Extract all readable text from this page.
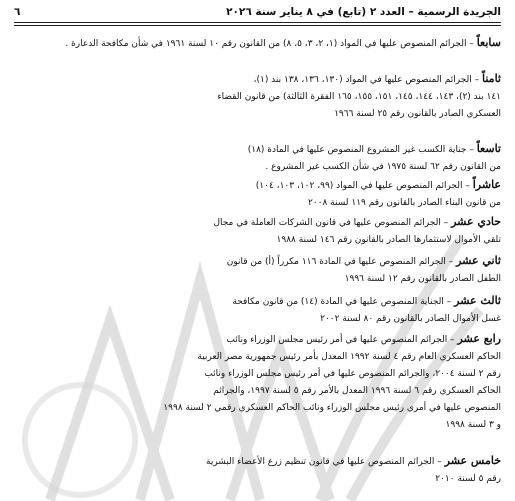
الجريدة الرسمية – العدد ٢ (تابع) في ٨ يناير سنة ٢٠٢٦
٦
سابعاً – الجرائم المنصوص عليها في المواد (١، ٢، ٣، ٥، ٨) من القانون رقم ١٠ لسنة ١٩٦١ في شأن مكافحة الدعارة .
ثامناً – الجرائم المنصوص عليها في المواد (١٣٠، ١٣٦، ١٣٨ بند (١)،
١٤١ بند (٢)، ١٤٣، ١٤٤، ١٤٥، ١٥١، ١٥٥، ١٦٥ الفقرة الثالثة) من قانون القضاء
العسكري الصادر بالقانون رقم ٢٥ لسنة ١٩٦٦
تاسعاً – جناية الكسب غير المشروع المنصوص عليها في المادة (١٨)
من القانون رقم ٦٢ لسنة ١٩٧٥ في شأن الكسب غير المشروع .
عاشراً – الجرائم المنصوص عليها في المواد (٩٩، ١٠٢، ١٠٣، ١٠٤)
من قانون البناء الصادر بالقانون رقم ١١٩ لسنة ٢٠٠٨
حادي عشر – الجرائم المنصوص عليها في قانون الشركات العاملة في مجال
تلقي الأموال لاستثمارها الصادر بالقانون رقم ١٤٦ لسنة ١٩٨٨
ثاني عشر – الجرائم المنصوص عليها في المادة ١١٦ مكرراً (أ) من قانون
الطفل الصادر بالقانون رقم ١٢ لسنة ١٩٩٦
ثالث عشر – الجناية المنصوص عليها في المادة (١٤) من قانون مكافحة
غسل الأموال الصادر بالقانون رقم ٨٠ لسنة ٢٠٠٢
رابع عشر – الجرائم المنصوص عليها في أمر رئيس مجلس الوزراء ونائب
الحاكم العسكري العام رقم ٤ لسنة ١٩٩٢ المعدل بأمر رئيس جمهورية مصر العربية
رقم ٢ لسنة ٢٠٠٤، والجرائم المنصوص عليها في أمر رئيس مجلس الوزراء ونائب
الحاكم العسكري رقم ٦ لسنة ١٩٩٦ المعدل بالأمر رقم ٥ لسنة ١٩٩٧، والجرائم
المنصوص عليها في أمري رئيس مجلس الوزراء ونائب الحاكم العسكري رقمي ٢ لسنة ١٩٩٨
و ٣ لسنة ١٩٩٨
خامس عشر – الجرائم المنصوص عليها في قانون تنظيم زرع الأعضاء البشرية
رقم ٥ لسنة ٢٠١٠
